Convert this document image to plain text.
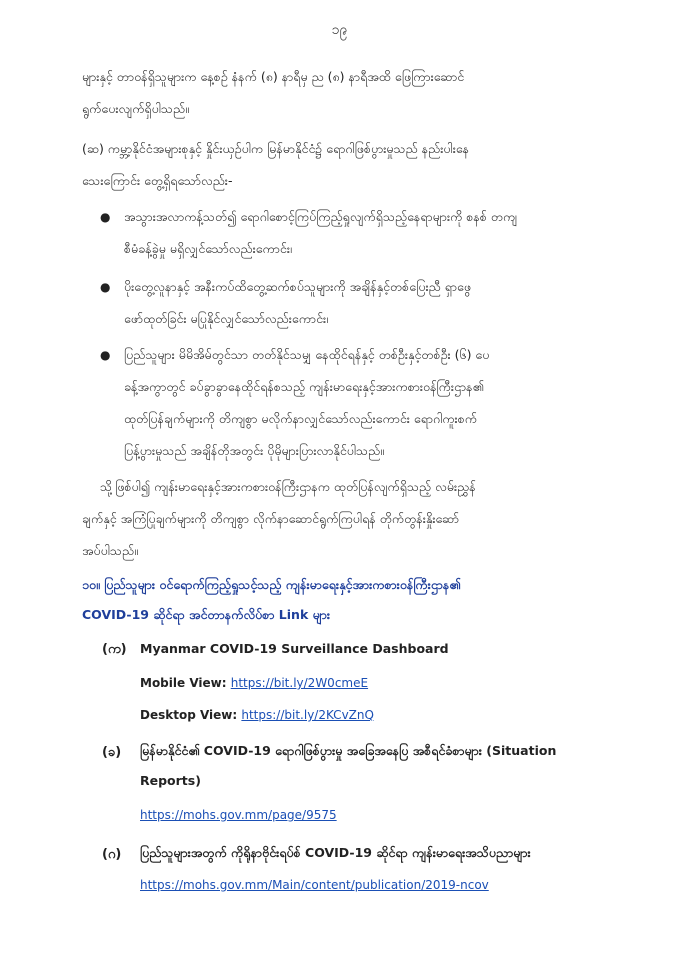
၁၉
များနှင့် တာဝန်ရှိသူများက နေ့စဉ် နံနက် (၈) နာရီမှ ည (၈) နာရီအထိ ဖြေကြားဆောင်
ရွက်ပေးလျက်ရှိပါသည်။
(ဆ) ကမ္ဘာ့နိုင်ငံအများစုနှင့် နှိုင်းယှဉ်ပါက မြန်မာနိုင်ငံ၌ ရောဂါဖြစ်ပွားမှုသည် နည်းပါးနေ
သေးကြောင်း တွေ့ရှိရသော်လည်း-
● အသွားအလာကန့်သတ်၍ ရောဂါစောင့်ကြပ်ကြည့်ရှုလျက်ရှိသည့်နေရာများကို စနစ် တကျ
စီမံခန့်ခွဲမှု မရှိလျှင်သော်လည်းကောင်း၊
● ပိုးတွေ့လူနာနှင့် အနီးကပ်ထိတွေ့ဆက်စပ်သူများကို အချိန်နှင့်တစ်ပြေးညီ ရှာဖွေ
ဖော်ထုတ်ခြင်း မပြုနိုင်လျှင်သော်လည်းကောင်း၊
● ပြည်သူများ မိမိအိမ်တွင်သာ တတ်နိုင်သမျှ နေထိုင်ရန်နှင့် တစ်ဦးနှင့်တစ်ဦး (၆) ပေ
ခန့်အကွာတွင် ခပ်ခွာခွာနေထိုင်ရန်စသည့် ကျန်းမာရေးနှင့်အားကစားဝန်ကြီးဌာန၏
ထုတ်ပြန်ချက်များကို တိကျစွာ မလိုက်နာလျှင်သော်လည်းကောင်း ရောဂါကူးစက်
ပြန့်ပွားမှုသည် အချိန်တိုအတွင်း ပိုမိုများပြားလာနိုင်ပါသည်။
သို့ဖြစ်ပါ၍ ကျန်းမာရေးနှင့်အားကစားဝန်ကြီးဌာနက ထုတ်ပြန်လျက်ရှိသည့် လမ်းညွှန်
ချက်နှင့် အကြံပြုချက်များကို တိကျစွာ လိုက်နာဆောင်ရွက်ကြပါရန် တိုက်တွန်းနှိုးဆော်
အပ်ပါသည်။
၁၀။ ပြည်သူများ ဝင်ရောက်ကြည့်ရှုသင့်သည့် ကျန်းမာရေးနှင့်အားကစားဝန်ကြီးဌာန၏
COVID-19 ဆိုင်ရာ အင်တာနက်လိပ်စာ Link များ
(က) Myanmar COVID-19 Surveillance Dashboard
Mobile View: https://bit.ly/2W0cmeE
Desktop View: https://bit.ly/2KCvZnQ
(ခ) မြန်မာနိုင်ငံ၏ COVID-19 ရောဂါဖြစ်ပွားမှု အခြေအနေပြ အစီရင်ခံစာများ (Situation
Reports)
https://mohs.gov.mm/page/9575
(ဂ) ပြည်သူများအတွက် ကိုရိုနာဗိုင်းရပ်စ် COVID-19 ဆိုင်ရာ ကျန်းမာရေးအသိပညာများ
https://mohs.gov.mm/Main/content/publication/2019-ncov
